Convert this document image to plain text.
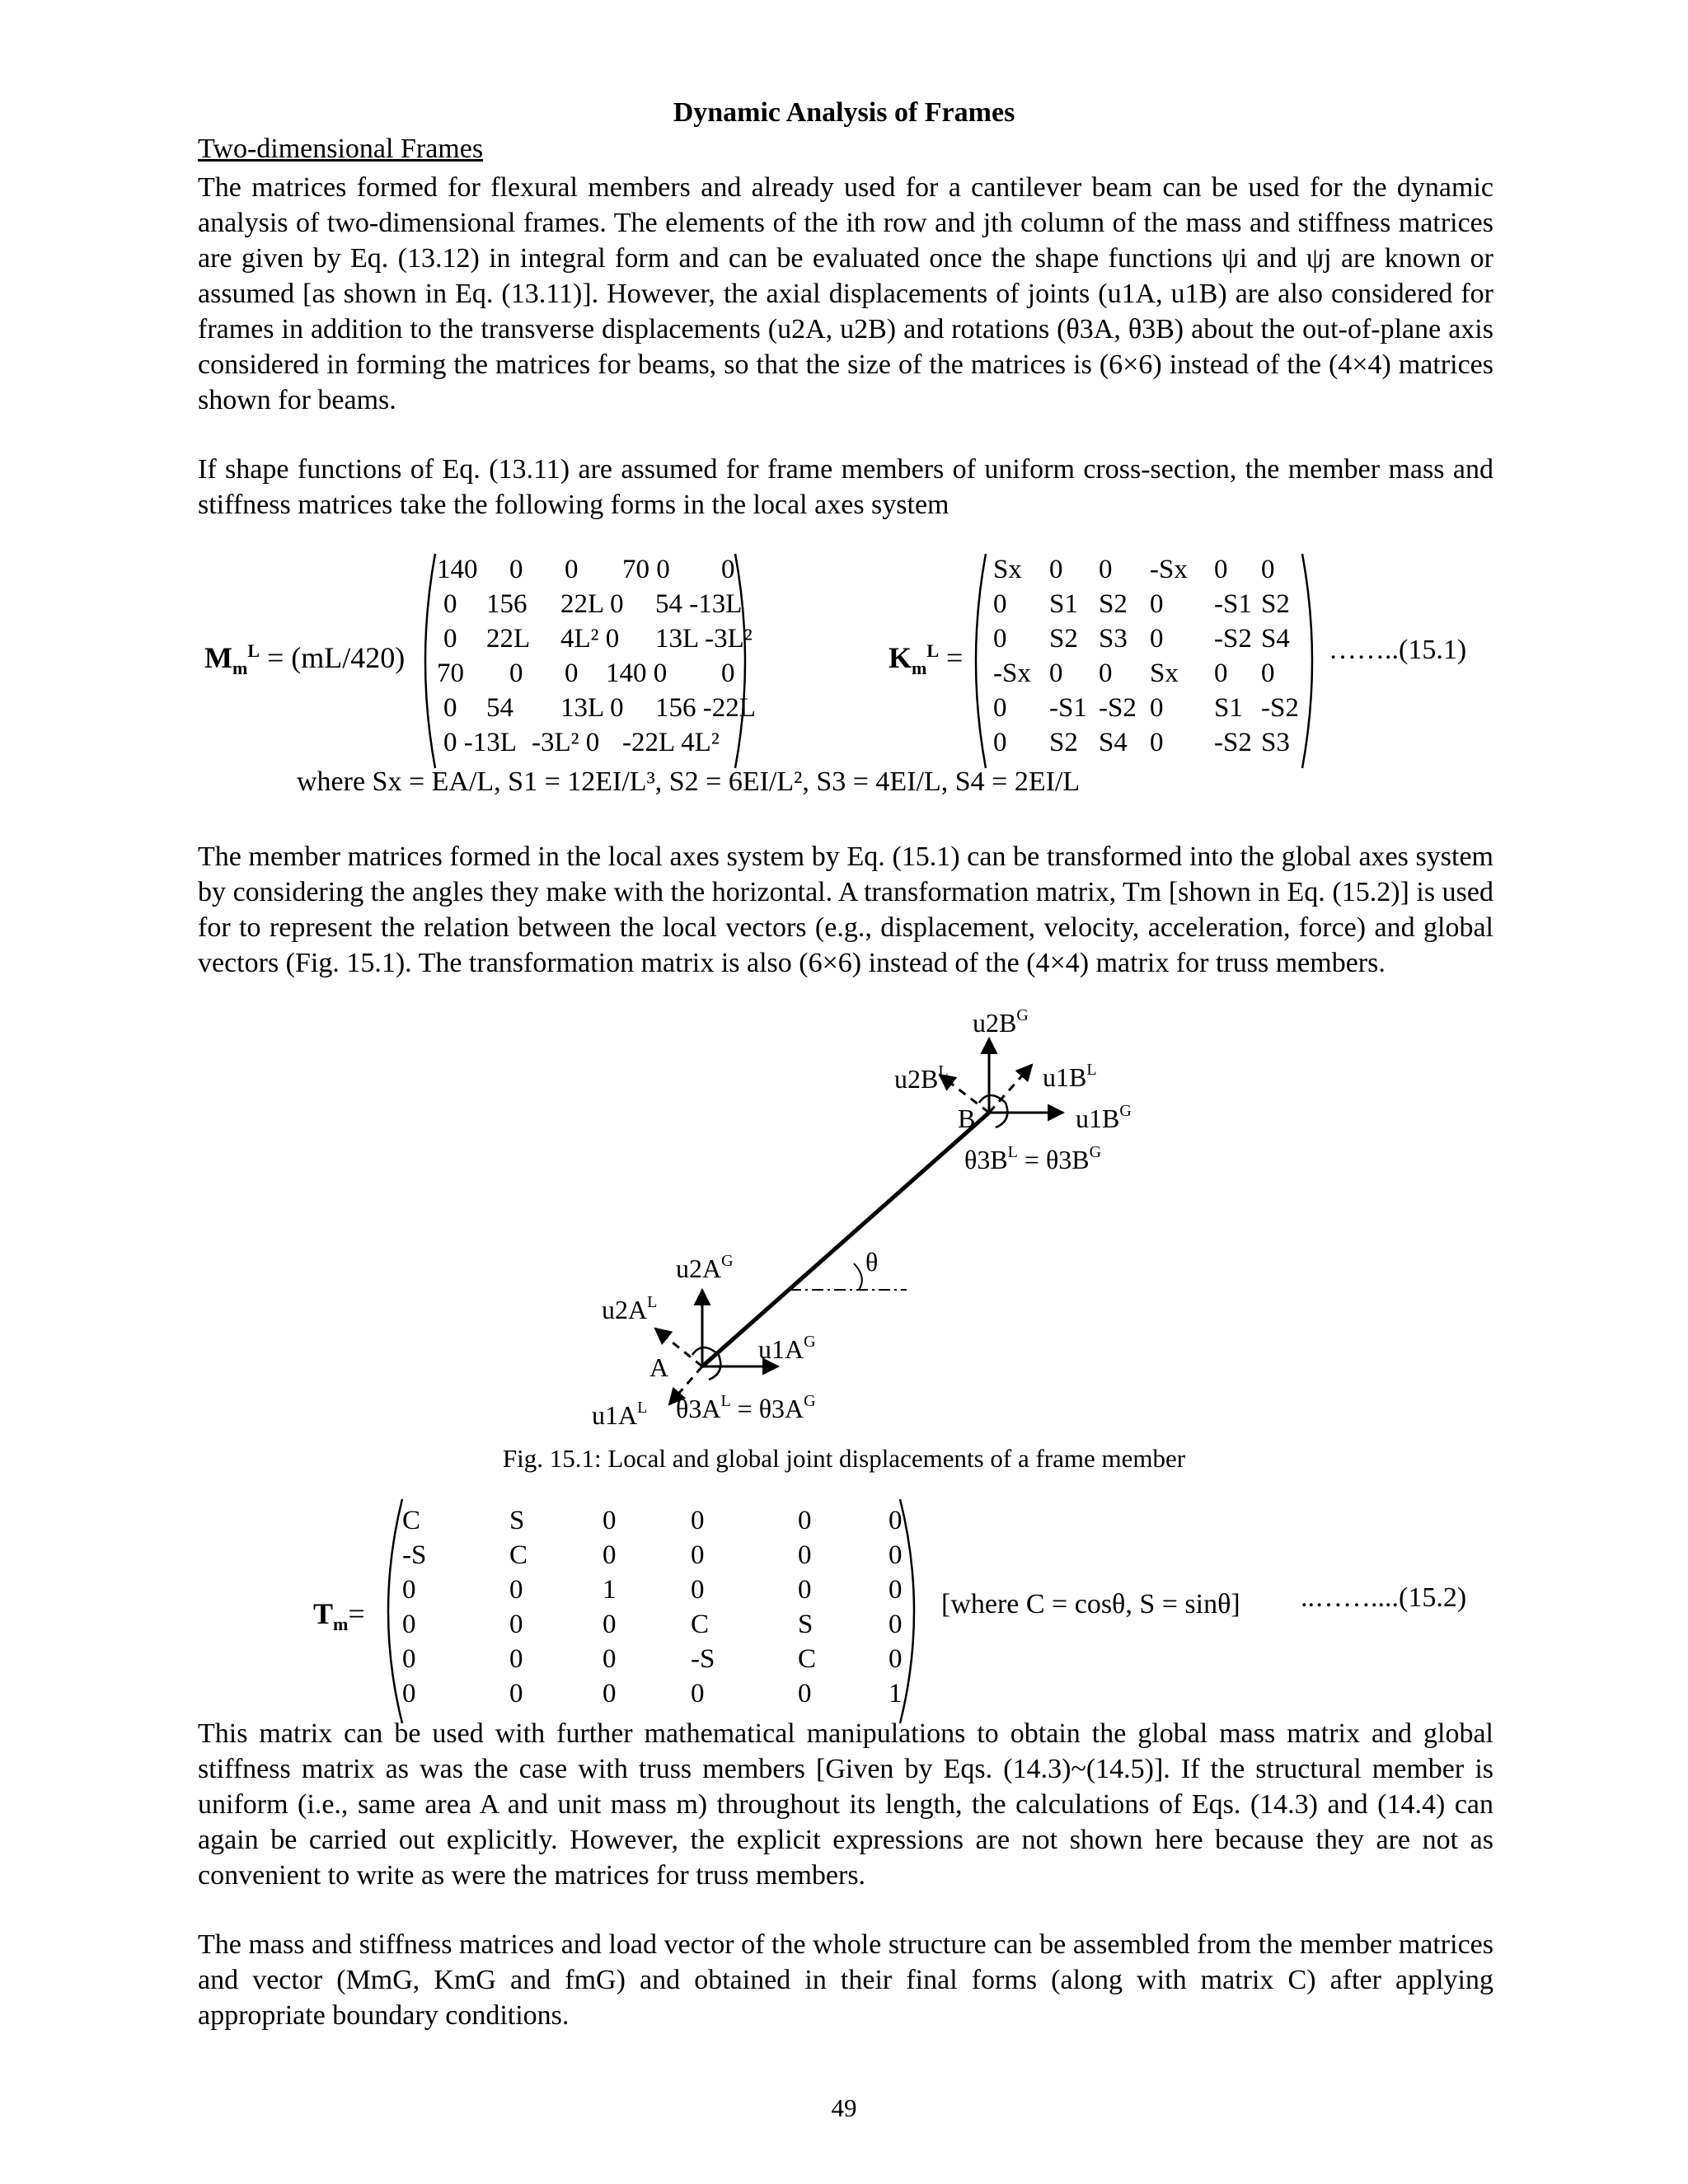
Dynamic Analysis of Frames
Two-dimensional Frames
The matrices formed for flexural members and already used for a cantilever beam can be used for the dynamic analysis of two-dimensional frames. The elements of the ith row and jth column of the mass and stiffness matrices are given by Eq. (13.12) in integral form and can be evaluated once the shape functions ψi and ψj are known or assumed [as shown in Eq. (13.11)]. However, the axial displacements of joints (u1A, u1B) are also considered for frames in addition to the transverse displacements (u2A, u2B) and rotations (θ3A, θ3B) about the out-of-plane axis considered in forming the matrices for beams, so that the size of the matrices is (6×6) instead of the (4×4) matrices shown for beams.
If shape functions of Eq. (13.11) are assumed for frame members of uniform cross-section, the member mass and stiffness matrices take the following forms in the local axes system
$M_m^L = (mL/420)$
140 0 0 70 0 0
0 156 22L 0 54 -13L
0 22L 4L² 0 13L -3L²
70 0 0 140 0 0
0 54 13L 0 156 -22L
0 -13L -3L² 0 -22L 4L²
$K_m^L$ =
Sx 0 0 -Sx 0 0
0 S1 S2 0 -S1 S2
0 S2 S3 0 -S2 S4
-Sx 0 0 Sx 0 0
0 -S1 -S2 0 S1 -S2
0 S2 S4 0 -S2 S3
……..(15.1)
where Sx = EA/L, S1 = 12EI/L³, S2 = 6EI/L², S3 = 4EI/L, S4 = 2EI/L
The member matrices formed in the local axes system by Eq. (15.1) can be transformed into the global axes system by considering the angles they make with the horizontal. A transformation matrix, Tm [shown in Eq. (15.2)] is used for to represent the relation between the local vectors (e.g., displacement, velocity, acceleration, force) and global vectors (Fig. 15.1). The transformation matrix is also (6×6) instead of the (4×4) matrix for truss members.
$u2B^G$
$u2B^L$	$u1B^L$
$u1B^G$
B
$\theta 3B^L = \theta 3B^G$
θ
$u2A^G$
$u2A^L$
A
$u1A^G$
$u1A^L$ $\theta 3A^L = \theta 3A^G$
Fig. 15.1: Local and global joint displacements of a frame member
$T_m=$
C	S	0	0	0	0
-S	C	0	0	0	0
0	0	1	0	0	0
0	0	0	C	S	0
0	0	0	-S	C	0
0	0	0	0	0	1
[where C = cosθ, S = sinθ] ..……....(15.2)
This matrix can be used with further mathematical manipulations to obtain the global mass matrix and global stiffness matrix as was the case with truss members [Given by Eqs. (14.3)~(14.5)]. If the structural member is uniform (i.e., same area A and unit mass m) throughout its length, the calculations of Eqs. (14.3) and (14.4) can again be carried out explicitly. However, the explicit expressions are not shown here because they are not as convenient to write as were the matrices for truss members.
The mass and stiffness matrices and load vector of the whole structure can be assembled from the member matrices and vector (MmG, KmG and fmG) and obtained in their final forms (along with matrix C) after applying appropriate boundary conditions.
49
